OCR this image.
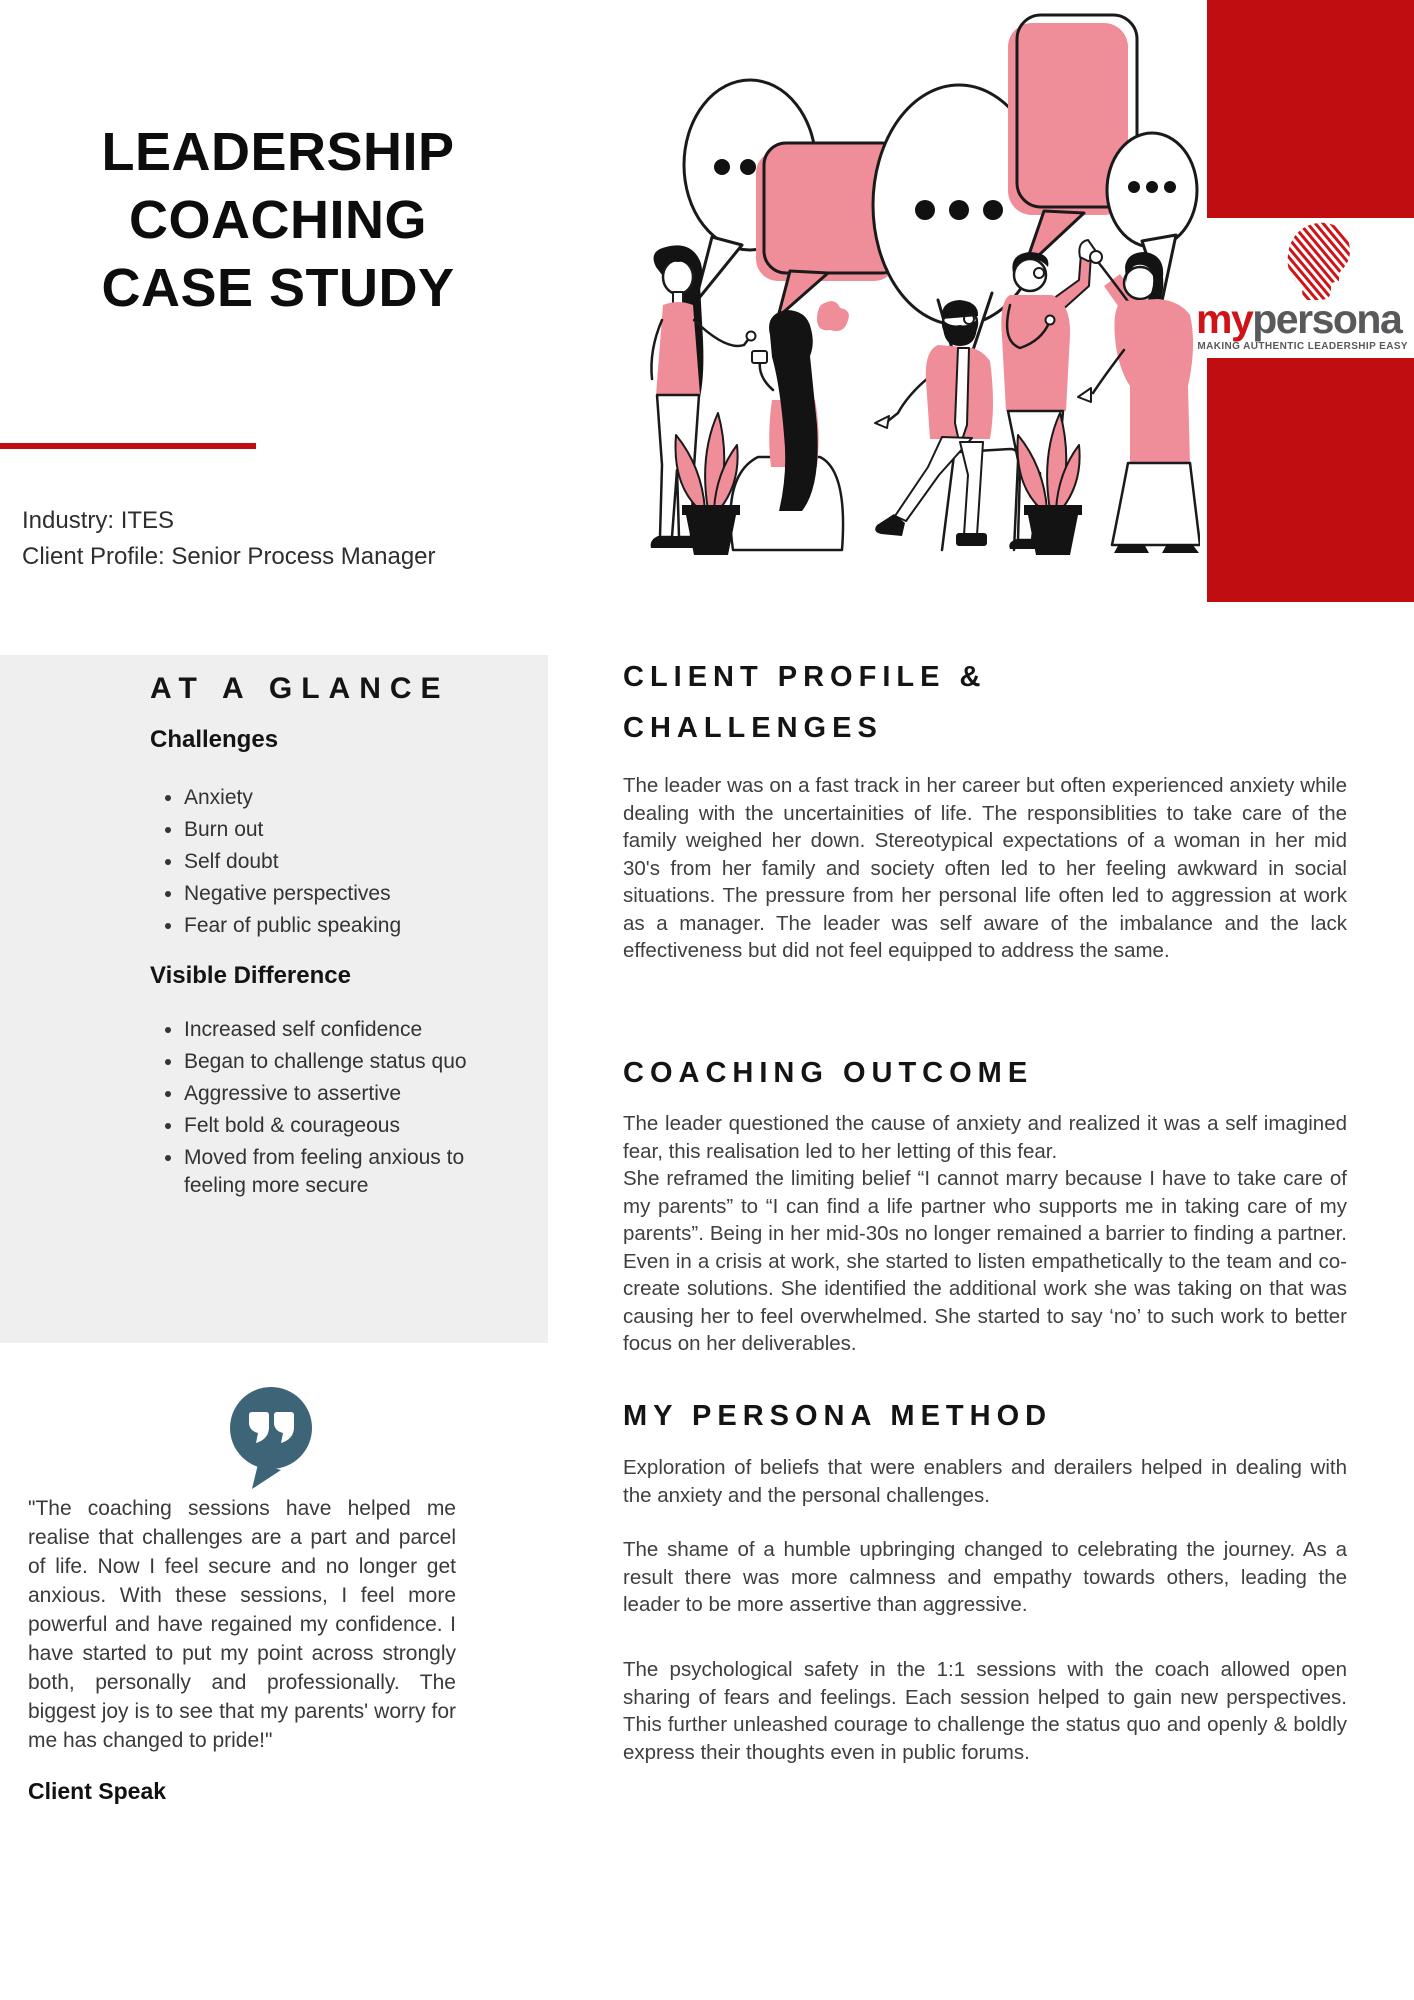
LEADERSHIP
COACHING
CASE STUDY
Industry: ITES
Client Profile: Senior Process Manager
mypersona
MAKING AUTHENTIC LEADERSHIP EASY
AT A GLANCE
Challenges
• Anxiety
• Burn out
• Self doubt
• Negative perspectives
• Fear of public speaking
Visible Difference
• Increased self confidence
• Began to challenge status quo
• Aggressive to assertive
• Felt bold & courageous
• Moved from feeling anxious to feeling more secure
"The coaching sessions have helped me realise that challenges are a part and parcel of life. Now I feel secure and no longer get anxious. With these sessions, I feel more powerful and have regained my confidence. I have started to put my point across strongly both, personally and professionally. The biggest joy is to see that my parents' worry for me has changed to pride!"
Client Speak
CLIENT PROFILE &
CHALLENGES
The leader was on a fast track in her career but often experienced anxiety while dealing with the uncertainities of life. The responsiblities to take care of the family weighed her down. Stereotypical expectations of a woman in her mid 30's from her family and society often led to her feeling awkward in social situations. The pressure from her personal life often led to aggression at work as a manager. The leader was self aware of the imbalance and the lack effectiveness but did not feel equipped to address the same.
COACHING OUTCOME
The leader questioned the cause of anxiety and realized it was a self imagined fear, this realisation led to her letting of this fear.
She reframed the limiting belief “I cannot marry because I have to take care of my parents” to “I can find a life partner who supports me in taking care of my parents”. Being in her mid-30s no longer remained a barrier to finding a partner. Even in a crisis at work, she started to listen empathetically to the team and co-create solutions. She identified the additional work she was taking on that was causing her to feel overwhelmed. She started to say ‘no’ to such work to better focus on her deliverables.
MY PERSONA METHOD
Exploration of beliefs that were enablers and derailers helped in dealing with the anxiety and the personal challenges.
The shame of a humble upbringing changed to celebrating the journey. As a result there was more calmness and empathy towards others, leading the leader to be more assertive than aggressive.
The psychological safety in the 1:1 sessions with the coach allowed open sharing of fears and feelings. Each session helped to gain new perspectives. This further unleashed courage to challenge the status quo and openly & boldly express their thoughts even in public forums.
